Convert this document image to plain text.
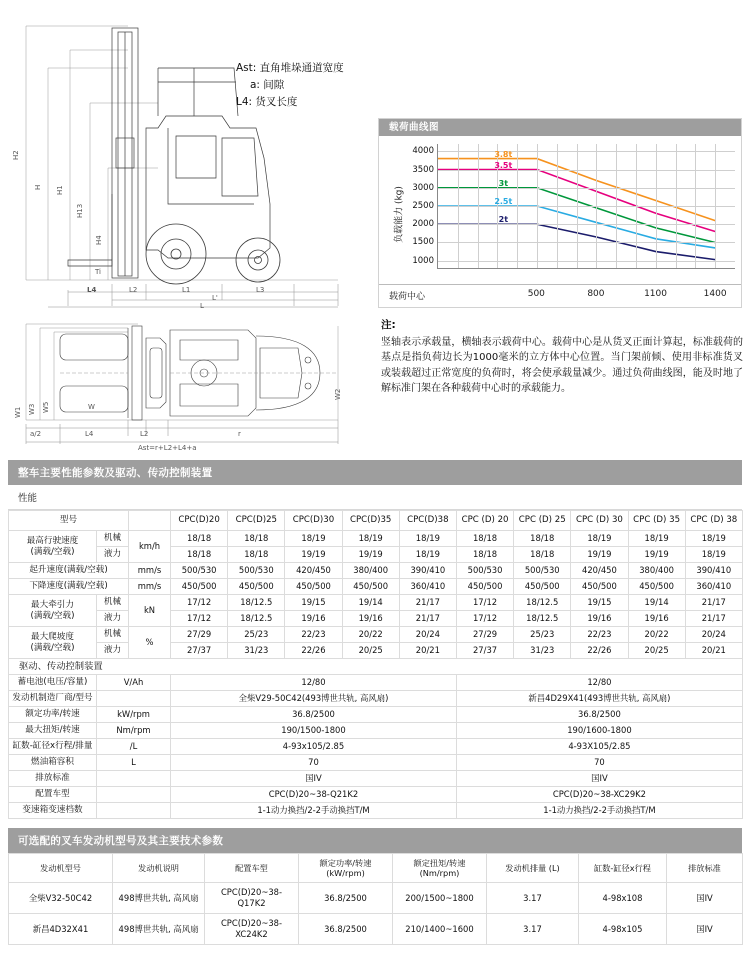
H2
H H1
H13
H4
Ti
L4	L2	L1	L3
L'
L
W1 W3 W5	W
W2
a/2	L4	L2	r
Ast=r+L2+L4+a
Ast: 直角堆垛通道宽度
a: 间隙
L4: 货叉长度
载荷曲线图
负载能力 (kg)
4000
3500
3000
2500
2000
1500
1000
3.8t
3.5t
3t
2.5t
2t
载荷中心	500	800	1100	1400
注:

竖轴表示承载量，横轴表示载荷中心。载荷中心是从货叉正面计算起，标准载荷的基点是指负荷边长为1000毫米的立方体中心位置。当门架前倾、使用非标准货叉或装载超过正常宽度的负荷时，将会使承载量减少。通过负荷曲线图，能及时地了解标准门架在各种载荷中心时的承载能力。

整车主要性能参数及驱动、传动控制装置
性能
型号			CPC(D)20	CPC(D)25	CPC(D)30	CPC(D)35	CPC(D)38	CPC (D) 20	CPC (D) 25	CPC (D) 30	CPC (D) 35	CPC (D) 38
最高行驶速度
(满载/空载)	机械	km/h	18/18	18/18	18/19	18/19	18/19	18/18	18/18	18/19	18/19	18/19
	液力		18/18	18/18	19/19	19/19	18/19	18/18	18/18	19/19	19/19	18/19
起升速度(满载/空载)		mm/s	500/530	500/530	420/450	380/400	390/410	500/530	500/530	420/450	380/400	390/410
下降速度(满载/空载)		mm/s	450/500	450/500	450/500	450/500	360/410	450/500	450/500	450/500	450/500	360/410
最大牵引力
(满载/空载)	机械	kN	17/12	18/12.5	19/15	19/14	21/17	17/12	18/12.5	19/15	19/14	21/17
	液力		17/12	18/12.5	19/16	19/16	21/17	17/12	18/12.5	19/16	19/16	21/17
最大爬坡度
(满载/空载)	机械	%	27/29	25/23	22/23	20/22	20/24	27/29	25/23	22/23	20/22	20/24
	液力		27/37	31/23	22/26	20/25	20/21	27/37	31/23	22/26	20/25	20/21
驱动、传动控制装置												
蓄电池(电压/容量)	V/Ah		12/80					12/80				
发动机制造厂商/型号			全柴V29-50C42(493博世共轨, 高风扇)					新昌4D29X41(493博世共轨, 高风扇)				
额定功率/转速	kW/rpm		36.8/2500					36.8/2500				
最大扭矩/转速	Nm/rpm		190/1500-1800					190/1600-1800				
缸数-缸径x行程/排量	/L		4-93x105/2.85					4-93X105/2.85				
燃油箱容积	L		70					70				
排放标准			国IV					国IV				
配置车型			CPC(D)20~38-Q21K2					CPC(D)20~38-XC29K2				
变速箱变速档数			1-1动力换挡/2-2手动换挡T/M					1-1动力换挡/2-2手动换挡T/M				
可选配的叉车发动机型号及其主要技术参数
发动机型号	发动机说明	配置车型	额定功率/转速
(kW/rpm)	额定扭矩/转速
(Nm/rpm)	发动机排量 (L)	缸数-缸径x行程	排放标准
全柴V32-50C42	498博世共轨, 高风扇	CPC(D)20~38-Q17K2	36.8/2500	200/1500~1800	3.17	4-98x108	国IV
新昌4D32X41	498博世共轨, 高风扇	CPC(D)20~38-XC24K2	36.8/2500	210/1400~1600	3.17	4-98x105	国IV
